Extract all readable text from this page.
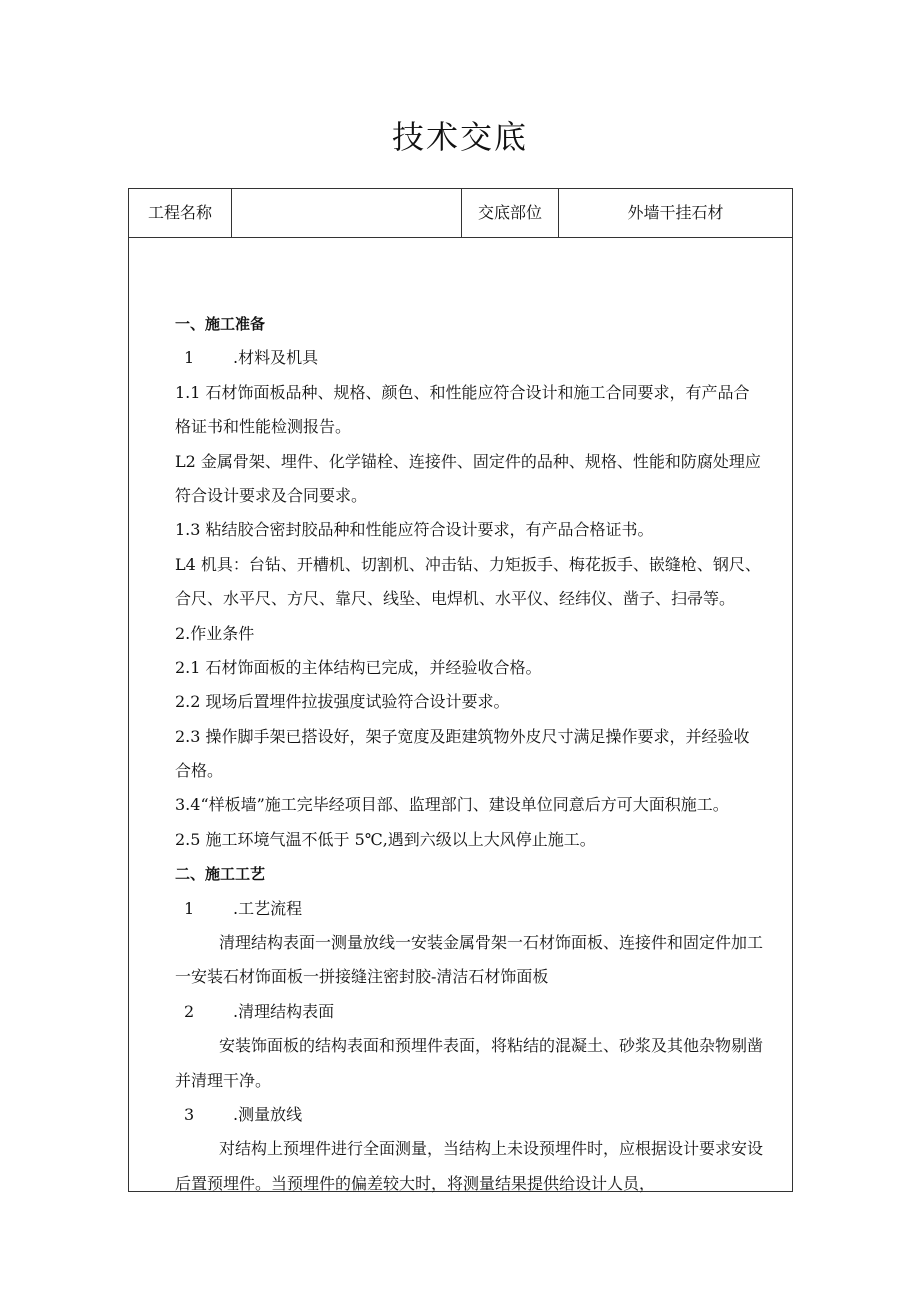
技术交底
工程名称	交底部位	外墙干挂石材
一、施工准备
1 .材料及机具
1.1 石材饰面板品种、规格、颜色、和性能应符合设计和施工合同要求，有产品合
格证书和性能检测报告。
L2 金属骨架、埋件、化学锚栓、连接件、固定件的品种、规格、性能和防腐处理应
符合设计要求及合同要求。
1.3 粘结胶合密封胶品种和性能应符合设计要求，有产品合格证书。
L4 机具：台钻、开槽机、切割机、冲击钻、力矩扳手、梅花扳手、嵌缝枪、钢尺、
合尺、水平尺、方尺、靠尺、线坠、电焊机、水平仪、经纬仪、凿子、扫帚等。
2.作业条件
2.1 石材饰面板的主体结构已完成，并经验收合格。
2.2 现场后置埋件拉拔强度试验符合设计要求。
2.3 操作脚手架已搭设好，架子宽度及距建筑物外皮尺寸满足操作要求，并经验收
合格。
3.4“样板墙”施工完毕经项目部、监理部门、建设单位同意后方可大面积施工。
2.5 施工环境气温不低于 5℃,遇到六级以上大风停止施工。
二、施工工艺
1 .工艺流程
清理结构表面一测量放线一安装金属骨架一石材饰面板、连接件和固定件加工
一安装石材饰面板一拼接缝注密封胶-清洁石材饰面板
2 .清理结构表面
安装饰面板的结构表面和预埋件表面，将粘结的混凝土、砂浆及其他杂物剔凿
并清理干净。
3 .测量放线
对结构上预埋件进行全面测量，当结构上未设预埋件时，应根据设计要求安设
后置预埋件。当预埋件的偏差较大时，将测量结果提供给设计人员，
